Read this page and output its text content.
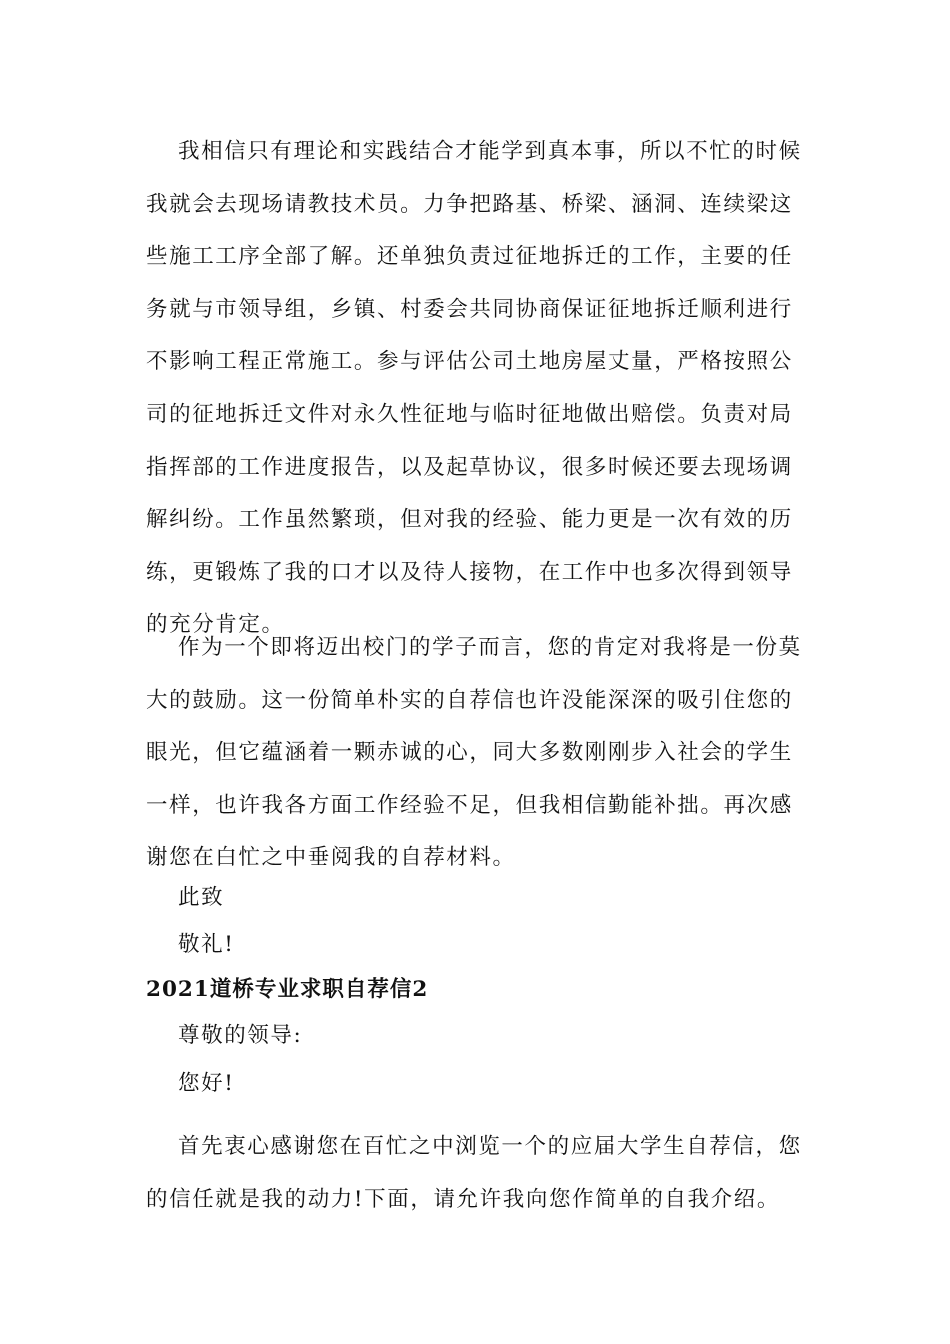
我相信只有理论和实践结合才能学到真本事，所以不忙的时候
我就会去现场请教技术员。力争把路基、桥梁、涵洞、连续梁这
些施工工序全部了解。还单独负责过征地拆迁的工作，主要的任
务就与市领导组，乡镇、村委会共同协商保证征地拆迁顺利进行
不影响工程正常施工。参与评估公司土地房屋丈量，严格按照公
司的征地拆迁文件对永久性征地与临时征地做出赔偿。负责对局
指挥部的工作进度报告，以及起草协议，很多时候还要去现场调
解纠纷。工作虽然繁琐，但对我的经验、能力更是一次有效的历
练，更锻炼了我的口才以及待人接物，在工作中也多次得到领导
的充分肯定。
作为一个即将迈出校门的学子而言，您的肯定对我将是一份莫
大的鼓励。这一份简单朴实的自荐信也许没能深深的吸引住您的
眼光，但它蕴涵着一颗赤诚的心，同大多数刚刚步入社会的学生
一样，也许我各方面工作经验不足，但我相信勤能补拙。再次感
谢您在白忙之中垂阅我的自荐材料。
此致
敬礼!
2021道桥专业求职自荐信2
尊敬的领导:
您好!
首先衷心感谢您在百忙之中浏览一个的应届大学生自荐信，您
的信任就是我的动力!下面，请允许我向您作简单的自我介绍。
